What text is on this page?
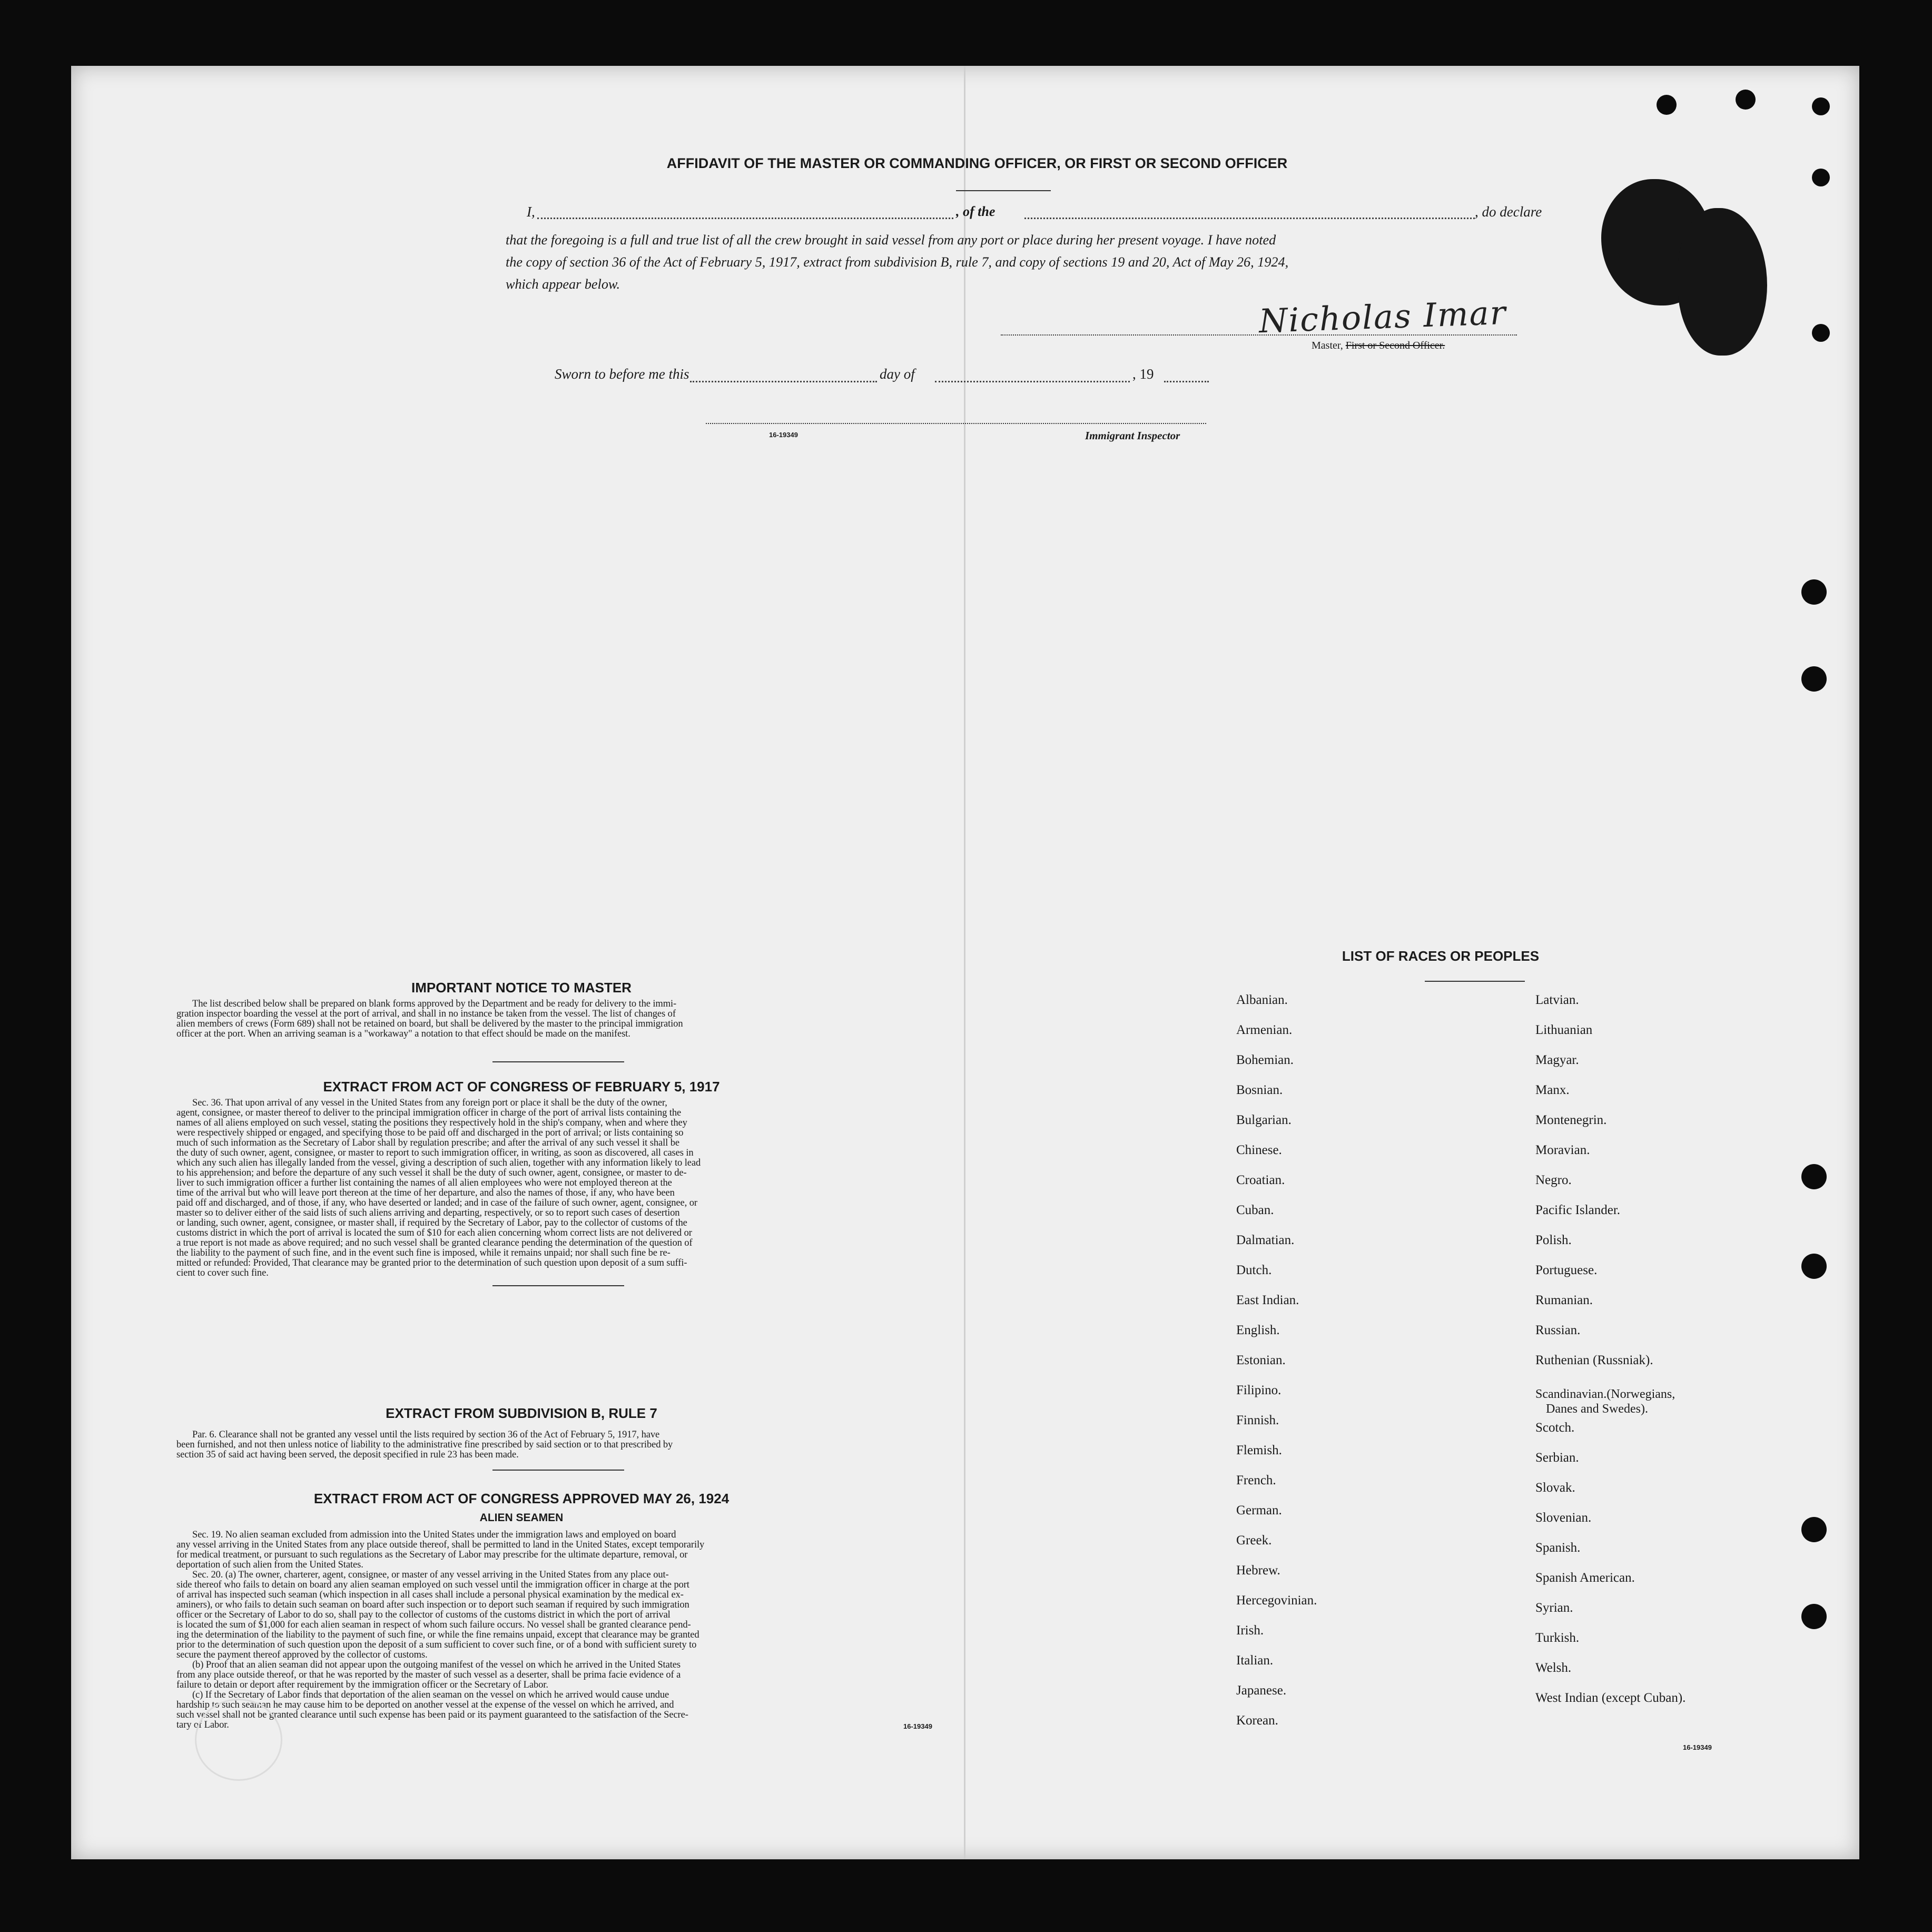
AFFIDAVIT OF THE MASTER OR COMMANDING OFFICER, OR FIRST OR SECOND OFFICER
I,	, of the	, do declare
that the foregoing is a full and true list of all the crew brought in said vessel from any port or place during her present voyage. I have noted
the copy of section 36 of the Act of February 5, 1917, extract from subdivision B, rule 7, and copy of sections 19 and 20, Act of May 26, 1924,
which appear below.
Nicholas Imar
Master, First or Second Officer.
Sworn to before me this	day of	, 19
16-19349	Immigrant Inspector
IMPORTANT NOTICE TO MASTER
The list described below shall be prepared on blank forms approved by the Department and be ready for delivery to the immi-
gration inspector boarding the vessel at the port of arrival, and shall in no instance be taken from the vessel. The list of changes of
alien members of crews (Form 689) shall not be retained on board, but shall be delivered by the master to the principal immigration
officer at the port. When an arriving seaman is a "workaway" a notation to that effect should be made on the manifest.
EXTRACT FROM ACT OF CONGRESS OF FEBRUARY 5, 1917
Sec. 36. That upon arrival of any vessel in the United States from any foreign port or place it shall be the duty of the owner,
agent, consignee, or master thereof to deliver to the principal immigration officer in charge of the port of arrival lists containing the
names of all aliens employed on such vessel, stating the positions they respectively hold in the ship's company, when and where they
were respectively shipped or engaged, and specifying those to be paid off and discharged in the port of arrival; or lists containing so
much of such information as the Secretary of Labor shall by regulation prescribe; and after the arrival of any such vessel it shall be
the duty of such owner, agent, consignee, or master to report to such immigration officer, in writing, as soon as discovered, all cases in
which any such alien has illegally landed from the vessel, giving a description of such alien, together with any information likely to lead
to his apprehension; and before the departure of any such vessel it shall be the duty of such owner, agent, consignee, or master to de-
liver to such immigration officer a further list containing the names of all alien employees who were not employed thereon at the
time of the arrival but who will leave port thereon at the time of her departure, and also the names of those, if any, who have been
paid off and discharged, and of those, if any, who have deserted or landed; and in case of the failure of such owner, agent, consignee, or
master so to deliver either of the said lists of such aliens arriving and departing, respectively, or so to report such cases of desertion
or landing, such owner, agent, consignee, or master shall, if required by the Secretary of Labor, pay to the collector of customs of the
customs district in which the port of arrival is located the sum of $10 for each alien concerning whom correct lists are not delivered or
a true report is not made as above required; and no such vessel shall be granted clearance pending the determination of the question of
the liability to the payment of such fine, and in the event such fine is imposed, while it remains unpaid; nor shall such fine be re-
mitted or refunded: Provided, That clearance may be granted prior to the determination of such question upon deposit of a sum suffi-
cient to cover such fine.
EXTRACT FROM SUBDIVISION B, RULE 7
Par. 6. Clearance shall not be granted any vessel until the lists required by section 36 of the Act of February 5, 1917, have
been furnished, and not then unless notice of liability to the administrative fine prescribed by said section or to that prescribed by
section 35 of said act having been served, the deposit specified in rule 23 has been made.
EXTRACT FROM ACT OF CONGRESS APPROVED MAY 26, 1924
ALIEN SEAMEN
Sec. 19. No alien seaman excluded from admission into the United States under the immigration laws and employed on board
any vessel arriving in the United States from any place outside thereof, shall be permitted to land in the United States, except temporarily
for medical treatment, or pursuant to such regulations as the Secretary of Labor may prescribe for the ultimate departure, removal, or
deportation of such alien from the United States.
Sec. 20. (a) The owner, charterer, agent, consignee, or master of any vessel arriving in the United States from any place out-
side thereof who fails to detain on board any alien seaman employed on such vessel until the immigration officer in charge at the port
of arrival has inspected such seaman (which inspection in all cases shall include a personal physical examination by the medical ex-
aminers), or who fails to detain such seaman on board after such inspection or to deport such seaman if required by such immigration
officer or the Secretary of Labor to do so, shall pay to the collector of customs of the customs district in which the port of arrival
is located the sum of $1,000 for each alien seaman in respect of whom such failure occurs. No vessel shall be granted clearance pend-
ing the determination of the liability to the payment of such fine, or while the fine remains unpaid, except that clearance may be granted
prior to the determination of such question upon the deposit of a sum sufficient to cover such fine, or of a bond with sufficient surety to
secure the payment thereof approved by the collector of customs.
(b) Proof that an alien seaman did not appear upon the outgoing manifest of the vessel on which he arrived in the United States
from any place outside thereof, or that he was reported by the master of such vessel as a deserter, shall be prima facie evidence of a
failure to detain or deport after requirement by the immigration officer or the Secretary of Labor.
(c) If the Secretary of Labor finds that deportation of the alien seaman on the vessel on which he arrived would cause undue
hardship to such seaman he may cause him to be deported on another vessel at the expense of the vessel on which he arrived, and
such vessel shall not be granted clearance until such expense has been paid or its payment guaranteed to the satisfaction of the Secre-
tary of Labor.	16-19349
LIST OF RACES OR PEOPLES
Albanian.
Armenian.
Bohemian.
Bosnian.
Bulgarian.
Chinese.
Croatian.
Cuban.
Dalmatian.
Dutch.
East Indian.
English.
Estonian.
Filipino.
Finnish.
Flemish.
French.
German.
Greek.
Hebrew.
Hercegovinian.
Irish.
Italian.
Japanese.
Korean.
Latvian.
Lithuanian
Magyar.
Manx.
Montenegrin.
Moravian.
Negro.
Pacific Islander.
Polish.
Portuguese.
Rumanian.
Russian.
Ruthenian (Russniak).
Scandinavian.(Norwegians,
Danes and Swedes).
Scotch.
Serbian.
Slovak.
Slovenian.
Spanish.
Spanish American.
Syrian.
Turkish.
Welsh.
West Indian (except Cuban).
16-19349
